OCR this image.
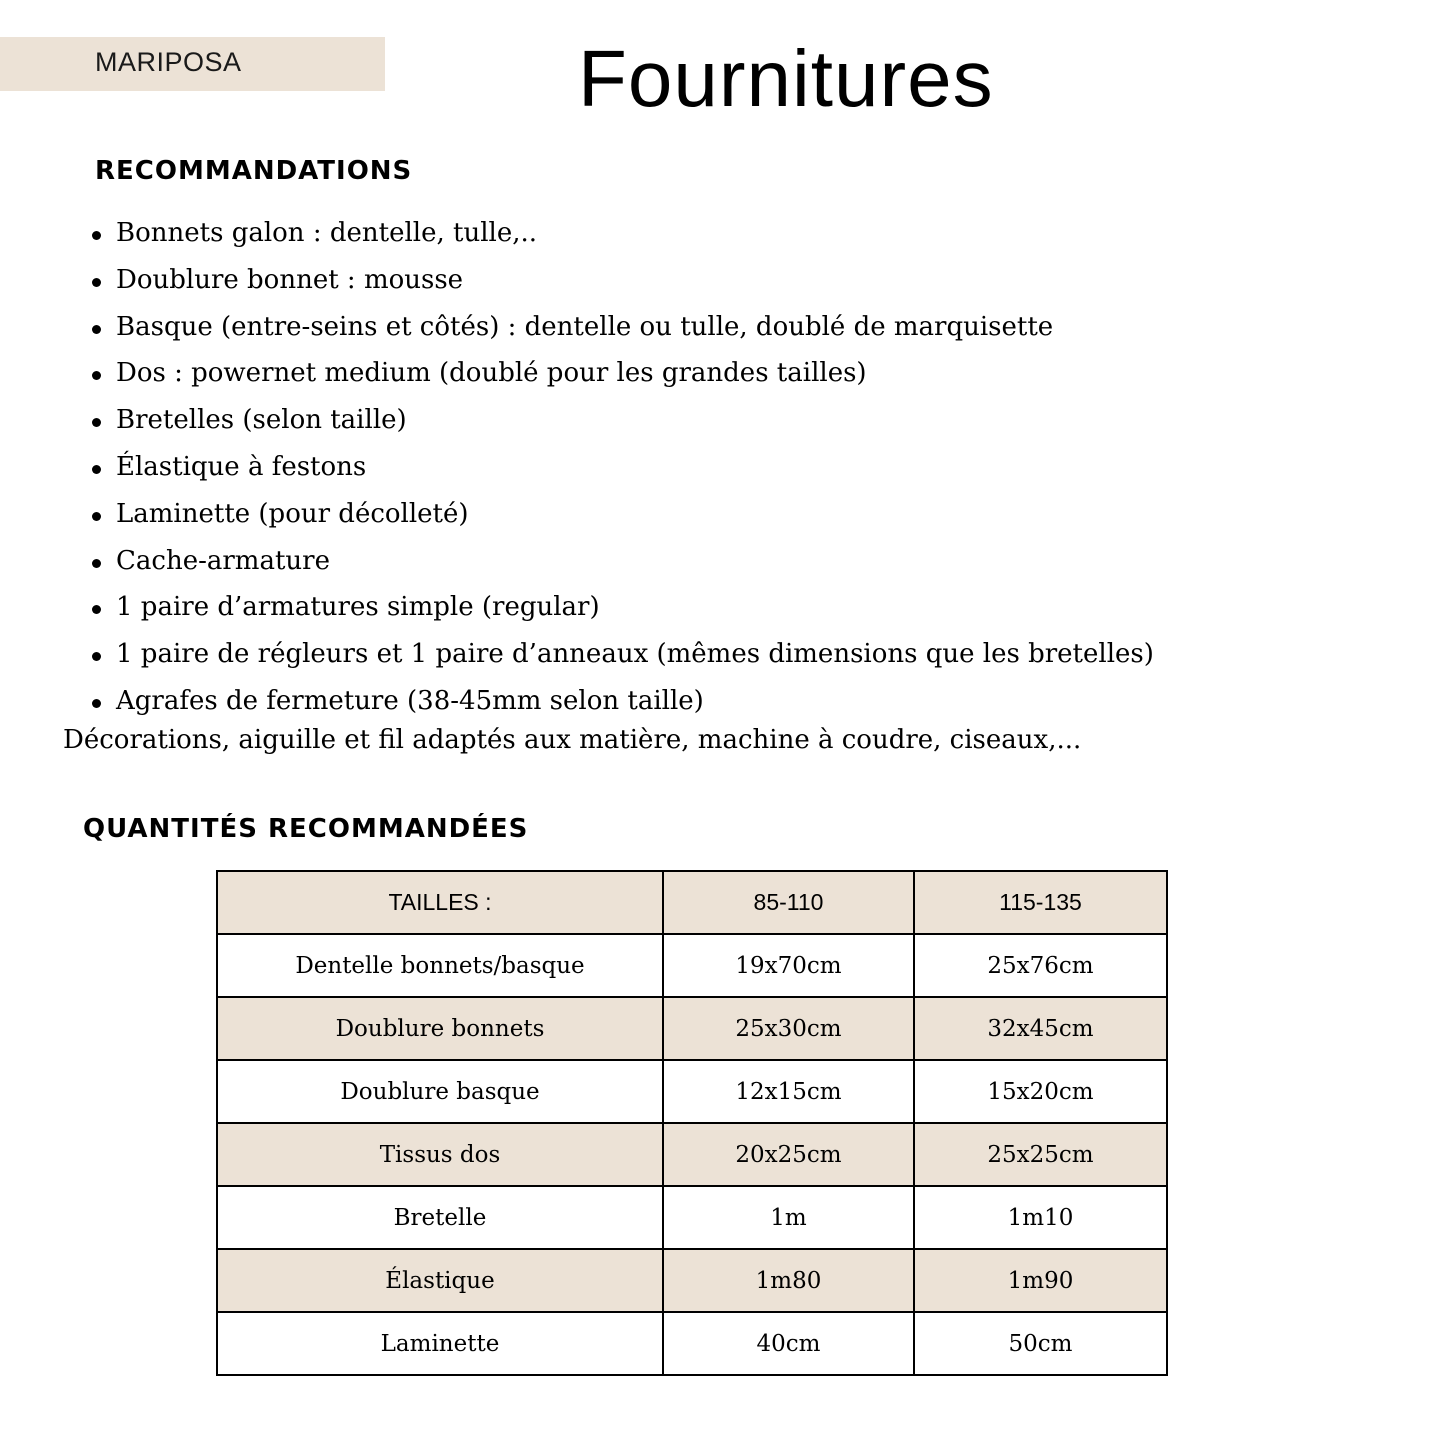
MARIPOSA	Fournitures
RECOMMANDATIONS
Bonnets galon : dentelle, tulle,..
Doublure bonnet : mousse
Basque (entre-seins et côtés) : dentelle ou tulle, doublé de marquisette
Dos : powernet medium (doublé pour les grandes tailles)
Bretelles (selon taille)
Élastique à festons
Laminette (pour décolleté)
Cache-armature
1 paire d’armatures simple (regular)
1 paire de régleurs et 1 paire d’anneaux (mêmes dimensions que les bretelles)
Agrafes de fermeture (38-45mm selon taille)

Décorations, aiguille et fil adaptés aux matière, machine à coudre, ciseaux,...

QUANTITÉS RECOMMANDÉES
TAILLES :	85-110	115-135
Dentelle bonnets/basque	19x70cm	25x76cm
Doublure bonnets	25x30cm	32x45cm
Doublure basque	12x15cm	15x20cm
Tissus dos	20x25cm	25x25cm
Bretelle	1m	1m10
Élastique	1m80	1m90
Laminette	40cm	50cm
